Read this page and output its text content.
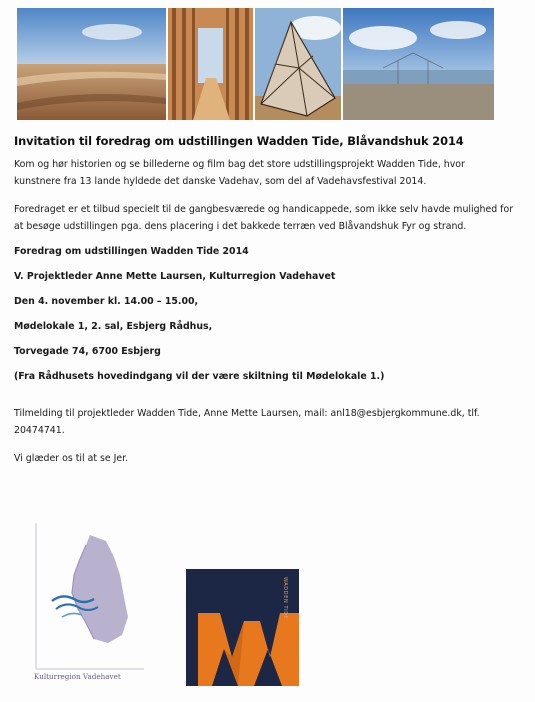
Invitation til foredrag om udstillingen Wadden Tide, Blåvandshuk 2014

Kom og hør historien og se billederne og film bag det store udstillingsprojekt Wadden Tide, hvor kunstnere fra 13 lande hyldede det danske Vadehav, som del af Vadehavsfestival 2014.

Foredraget er et tilbud specielt til de gangbesværede og handicappede, som ikke selv havde mulighed for at besøge udstillingen pga. dens placering i det bakkede terræn ved Blåvandshuk Fyr og strand.

Foredrag om udstillingen Wadden Tide 2014

V. Projektleder Anne Mette Laursen, Kulturregion Vadehavet

Den 4. november kl. 14.00 – 15.00,

Mødelokale 1, 2. sal, Esbjerg Rådhus,

Torvegade 74, 6700 Esbjerg

(Fra Rådhusets hovedindgang vil der være skiltning til Mødelokale 1.)

Tilmelding til projektleder Wadden Tide, Anne Mette Laursen, mail: anl18@esbjergkommune.dk, tlf. 20474741.

Vi glæder os til at se Jer.

Kulturregion Vadehavet
WADDEN TIDE
